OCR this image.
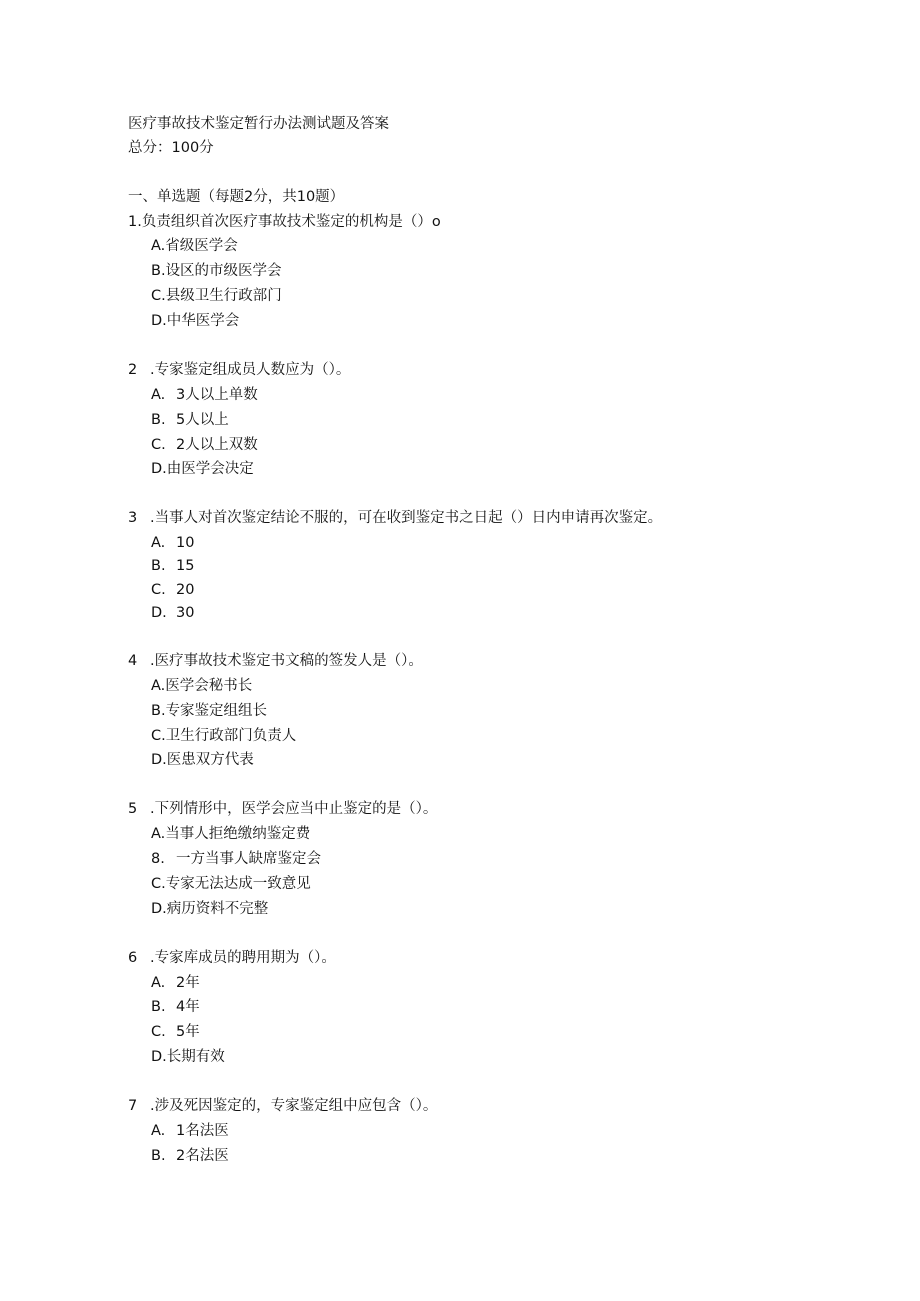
医疗事故技术鉴定暂行办法测试题及答案
总分：100分
一、单选题（每题2分，共10题）
1.负责组织首次医疗事故技术鉴定的机构是（）o
A.省级医学会
B.设区的市级医学会
C.县级卫生行政部门
D.中华医学会
2 .专家鉴定组成员人数应为（）。
A. 3人以上单数
B. 5人以上
C. 2人以上双数
D.由医学会决定
3 .当事人对首次鉴定结论不服的，可在收到鉴定书之日起（）日内申请再次鉴定。
A. 10
B. 15
C. 20
D. 30
4 .医疗事故技术鉴定书文稿的签发人是（）。
A.医学会秘书长
B.专家鉴定组组长
C.卫生行政部门负责人
D.医患双方代表
5 .下列情形中，医学会应当中止鉴定的是（）。
A.当事人拒绝缴纳鉴定费
8. 一方当事人缺席鉴定会
C.专家无法达成一致意见
D.病历资料不完整
6 .专家库成员的聘用期为（）。
A. 2年
B. 4年
C. 5年
D.长期有效
7 .涉及死因鉴定的，专家鉴定组中应包含（）。
A. 1名法医
B. 2名法医
